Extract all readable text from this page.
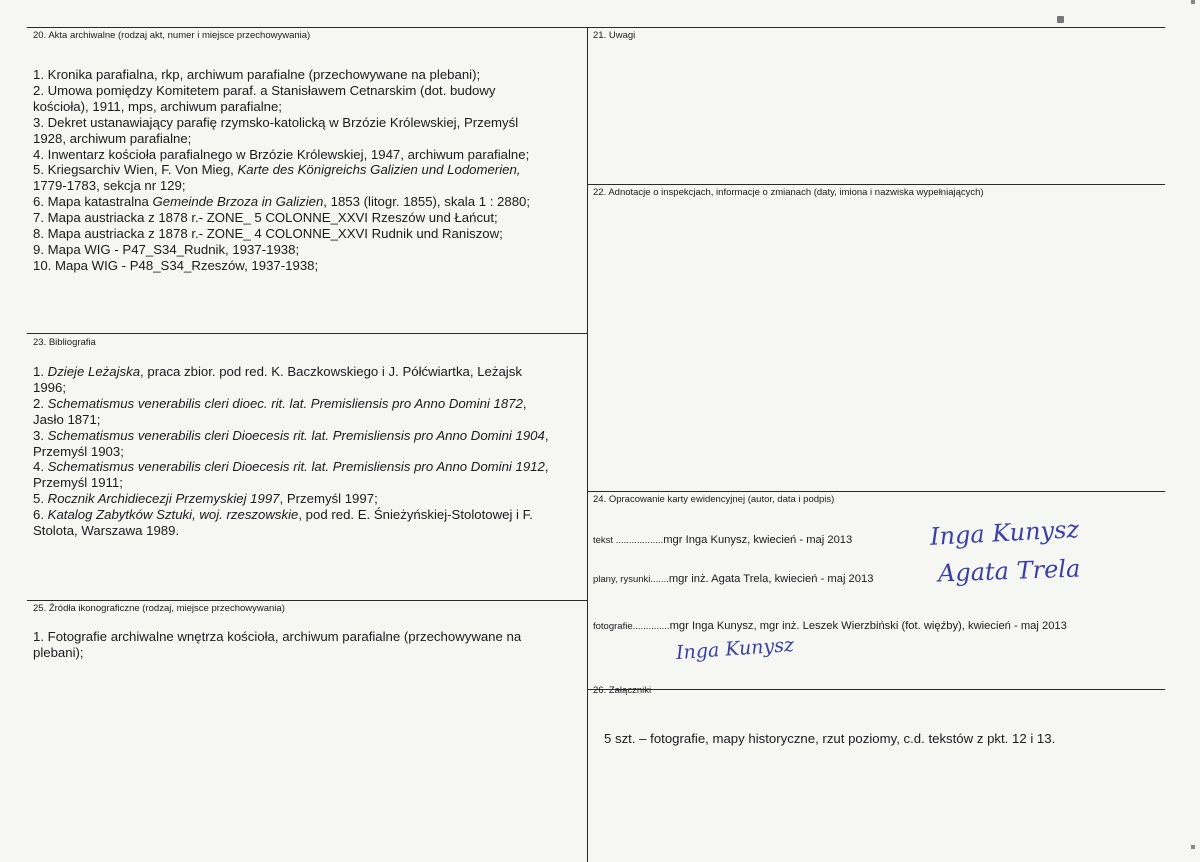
20. Akta archiwalne (rodzaj akt, numer i miejsce przechowywania)
1. Kronika parafialna, rkp, archiwum parafialne (przechowywane na plebani);
2. Umowa pomiędzy Komitetem paraf. a Stanisławem Cetnarskim (dot. budowy
kościoła), 1911, mps, archiwum parafialne;
3. Dekret ustanawiający parafię rzymsko-katolicką w Brzózie Królewskiej, Przemyśl
1928, archiwum parafialne;
4. Inwentarz kościoła parafialnego w Brzózie Królewskiej, 1947, archiwum parafialne;
5. Kriegsarchiv Wien, F. Von Mieg, Karte des Königreichs Galizien und Lodomerien,
1779-1783, sekcja nr 129;
6. Mapa katastralna Gemeinde Brzoza in Galizien, 1853 (litogr. 1855), skala 1 : 2880;
7. Mapa austriacka z 1878 r.- ZONE_ 5 COLONNE_XXVI Rzeszów und Łańcut;
8. Mapa austriacka z 1878 r.- ZONE_ 4 COLONNE_XXVI Rudnik und Raniszow;
9. Mapa WIG - P47_S34_Rudnik, 1937-1938;
10. Mapa WIG - P48_S34_Rzeszów, 1937-1938;
21. Uwagi
22. Adnotacje o inspekcjach, informacje o zmianach (daty, imiona i nazwiska wypełniających)
23. Bibliografia
1. Dzieje Leżajska, praca zbior. pod red. K. Baczkowskiego i J. Półćwiartka, Leżajsk
1996;
2. Schematismus venerabilis cleri dioec. rit. lat. Premisliensis pro Anno Domini 1872,
Jasło 1871;
3. Schematismus venerabilis cleri Dioecesis rit. lat. Premisliensis pro Anno Domini 1904,
Przemyśl 1903;
4. Schematismus venerabilis cleri Dioecesis rit. lat. Premisliensis pro Anno Domini 1912,
Przemyśl 1911;
5. Rocznik Archidiecezji Przemyskiej 1997, Przemyśl 1997;
6. Katalog Zabytków Sztuki, woj. rzeszowskie, pod red. E. Śnieżyńskiej-Stolotowej i F.
Stolota, Warszawa 1989.
24. Opracowanie karty ewidencyjnej (autor, data i podpis)
tekst ..................mgr Inga Kunysz, kwiecień - maj 2013	Inga Kunysz
plany, rysunki.......mgr inż. Agata Trela, kwiecień - maj 2013	Agata Trela
fotografie..............mgr Inga Kunysz, mgr inż. Leszek Wierzbiński (fot. więźby), kwiecień - maj 2013
Inga Kunysz
25. Źródła ikonograficzne (rodzaj, miejsce przechowywania)
1. Fotografie archiwalne wnętrza kościoła, archiwum parafialne (przechowywane na
plebani);
26. Załączniki
5 szt. – fotografie, mapy historyczne, rzut poziomy, c.d. tekstów z pkt. 12 i 13.
